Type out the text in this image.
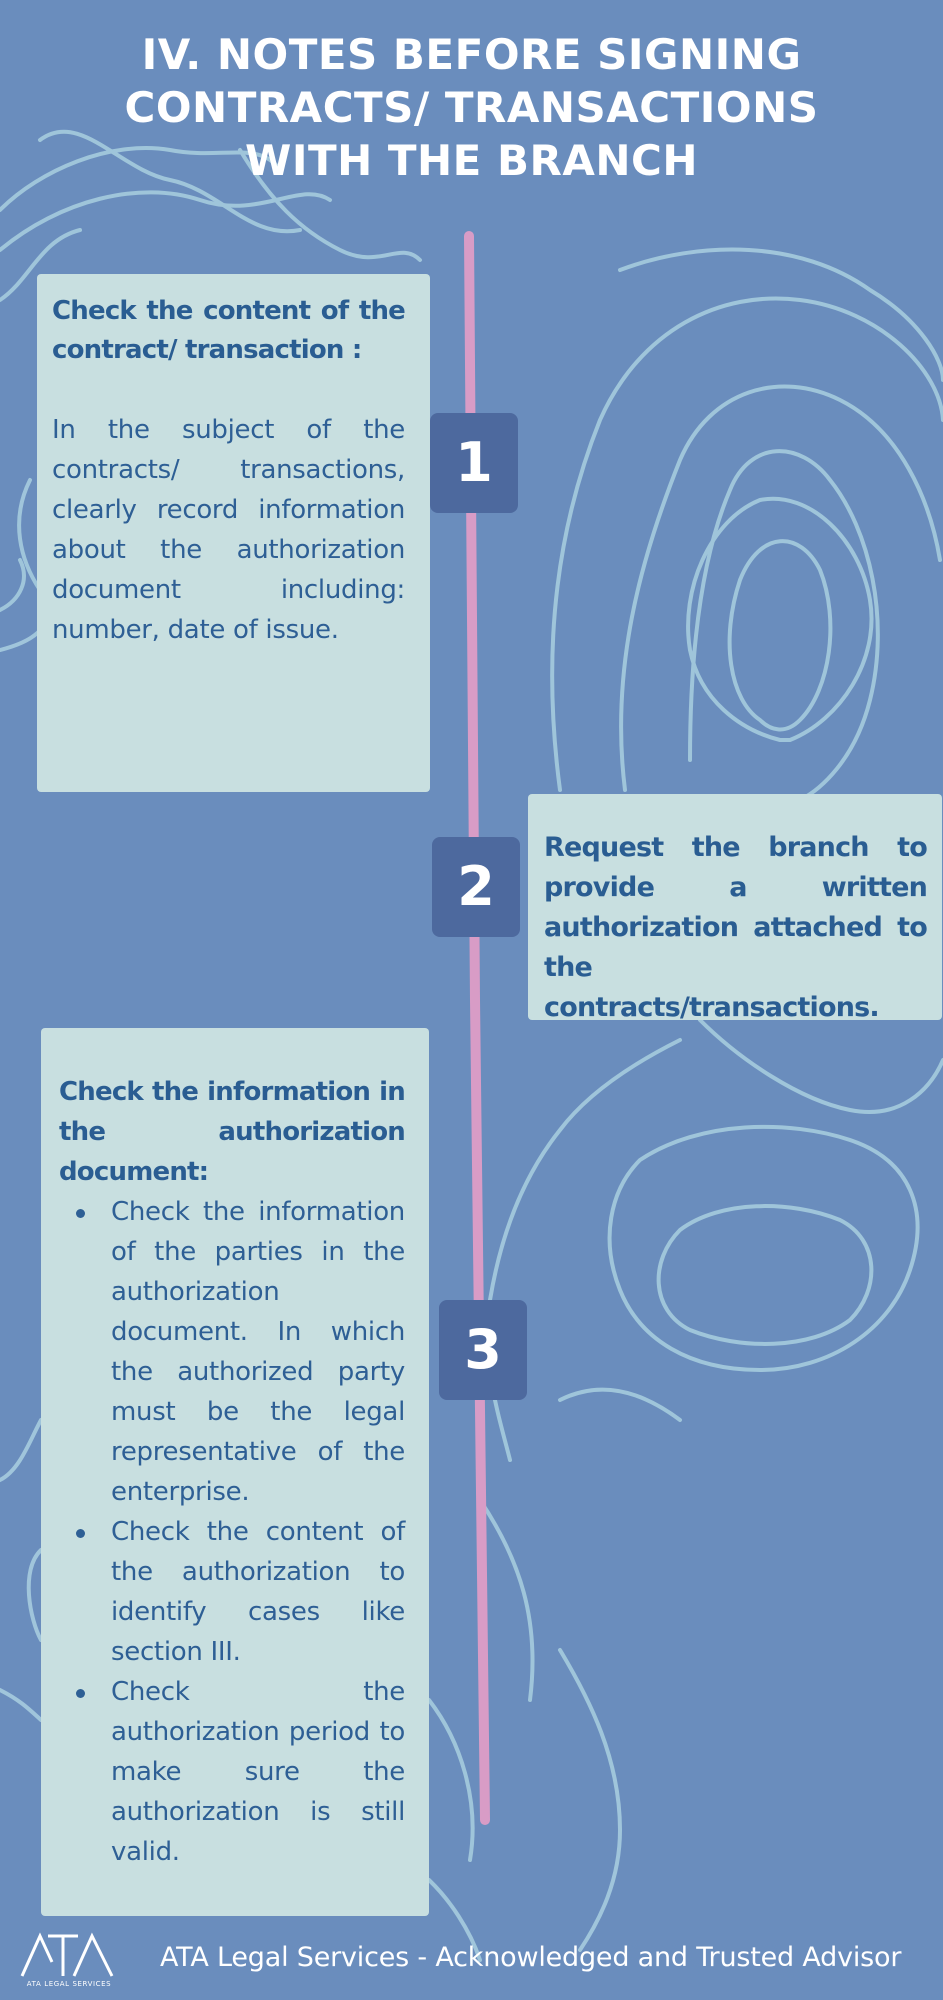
IV. NOTES BEFORE SIGNING
CONTRACTS/ TRANSACTIONS
WITH THE BRANCH

Check the content of the contract/ transaction :

In the subject of the contracts/ transactions, clearly record information about the authorization document including: number, date of issue.

Request the branch to provide a written authorization attached to the contracts/transactions.

Check the information in the authorization document:

Check the information of the parties in the authorization document. In which the authorized party must be the legal representative of the enterprise.
Check the content of the authorization to identify cases like section III.
Check the authorization period to make sure the authorization is still valid.
1
2
3
ATA LEGAL SERVICES
ATA Legal Services - Acknowledged and Trusted Advisor
